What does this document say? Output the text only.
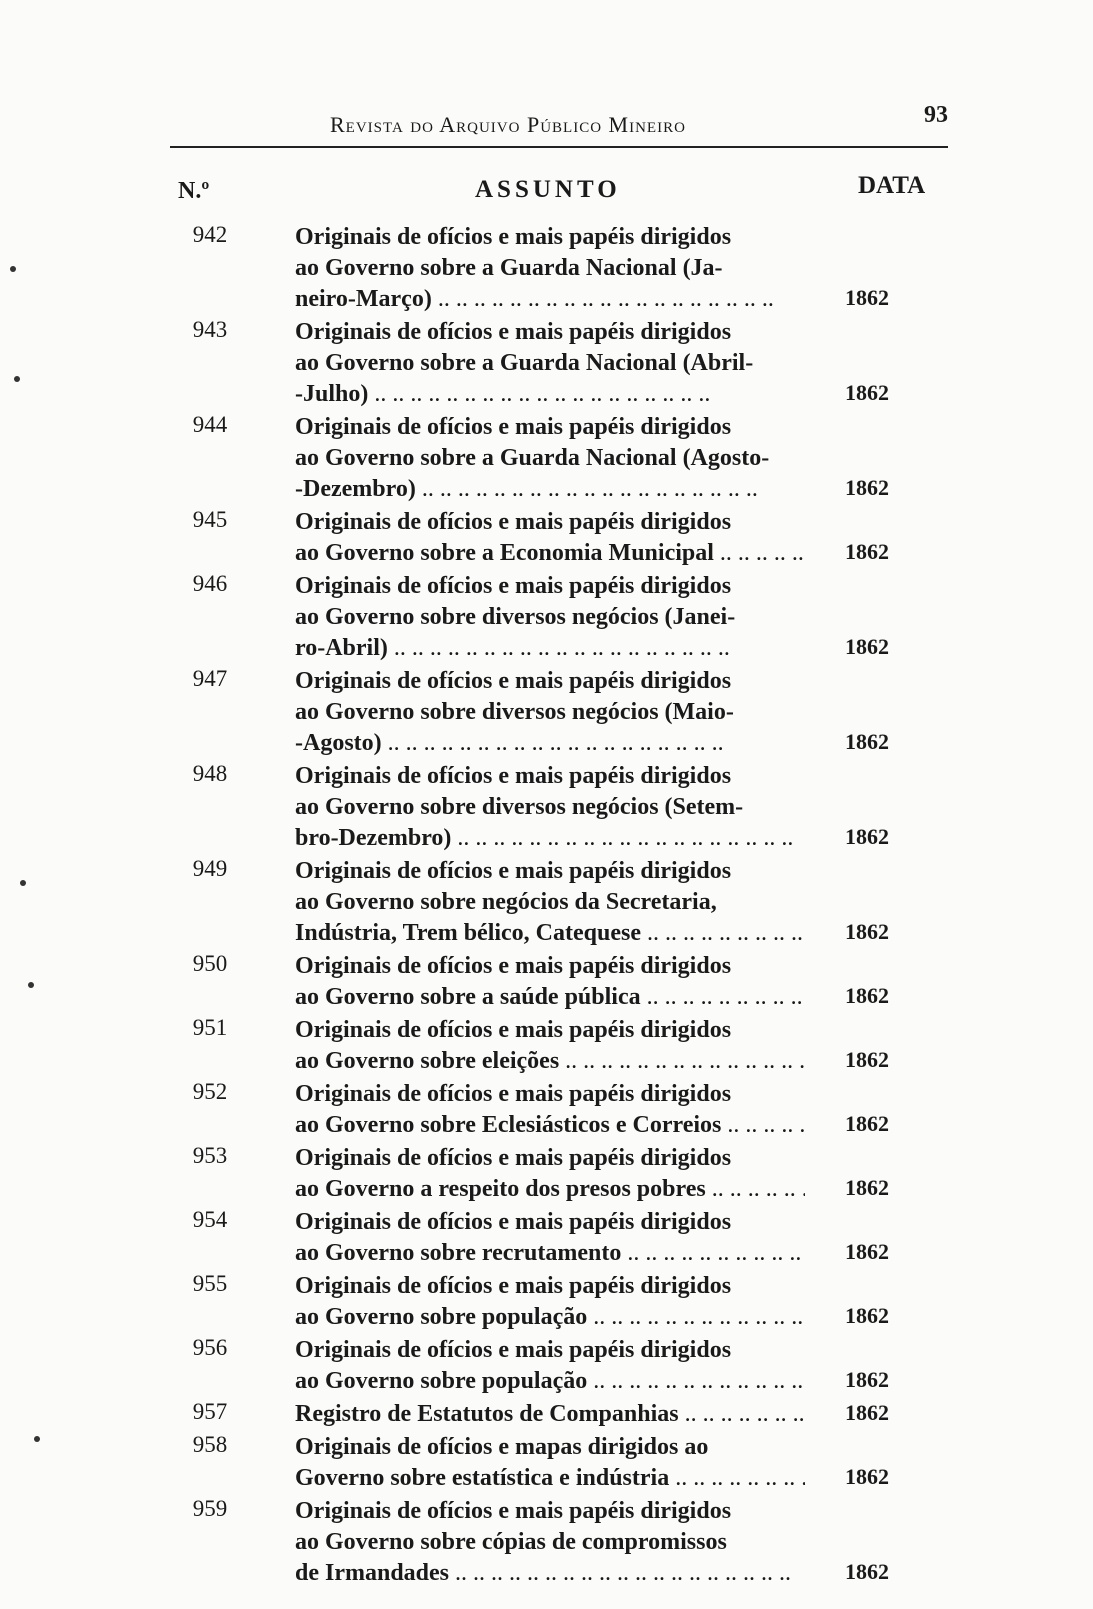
Revista do Arquivo Público Mineiro	93
N.º	ASSUNTO	DATA
942	Originais de ofícios e mais papéis dirigidos
ao Governo sobre a Guarda Nacional (Ja-
neiro-Março) .. ..	1862
943	Originais de ofícios e mais papéis dirigidos
ao Governo sobre a Guarda Nacional (Abril-
-Julho) .. ..	1862
944	Originais de ofícios e mais papéis dirigidos
ao Governo sobre a Guarda Nacional (Agosto-
-Dezembro) .. ..	1862
945	Originais de ofícios e mais papéis dirigidos
ao Governo sobre a Economia Municipal .. ..	1862
946	Originais de ofícios e mais papéis dirigidos
ao Governo sobre diversos negócios (Janei-
ro-Abril) .. ..	1862
947	Originais de ofícios e mais papéis dirigidos
ao Governo sobre diversos negócios (Maio-
-Agosto) .. ..	1862
948	Originais de ofícios e mais papéis dirigidos
ao Governo sobre diversos negócios (Setem-
bro-Dezembro) .. ..	1862
949	Originais de ofícios e mais papéis dirigidos
ao Governo sobre negócios da Secretaria,
Indústria, Trem bélico, Catequese .. ..	1862
950	Originais de ofícios e mais papéis dirigidos
ao Governo sobre a saúde pública .. ..	1862
951	Originais de ofícios e mais papéis dirigidos
ao Governo sobre eleições .. ..	1862
952	Originais de ofícios e mais papéis dirigidos
ao Governo sobre Eclesiásticos e Correios .. ..	1862
953	Originais de ofícios e mais papéis dirigidos
ao Governo a respeito dos presos pobres .. ..	1862
954	Originais de ofícios e mais papéis dirigidos
ao Governo sobre recrutamento .. ..	1862
955	Originais de ofícios e mais papéis dirigidos
ao Governo sobre população .. ..	1862
956	Originais de ofícios e mais papéis dirigidos
ao Governo sobre população .. ..	1862
957	Registro de Estatutos de Companhias .. ..	1862
958	Originais de ofícios e mapas dirigidos ao
Governo sobre estatística e indústria .. ..	1862
959	Originais de ofícios e mais papéis dirigidos
ao Governo sobre cópias de compromissos
de Irmandades .. ..	1862
